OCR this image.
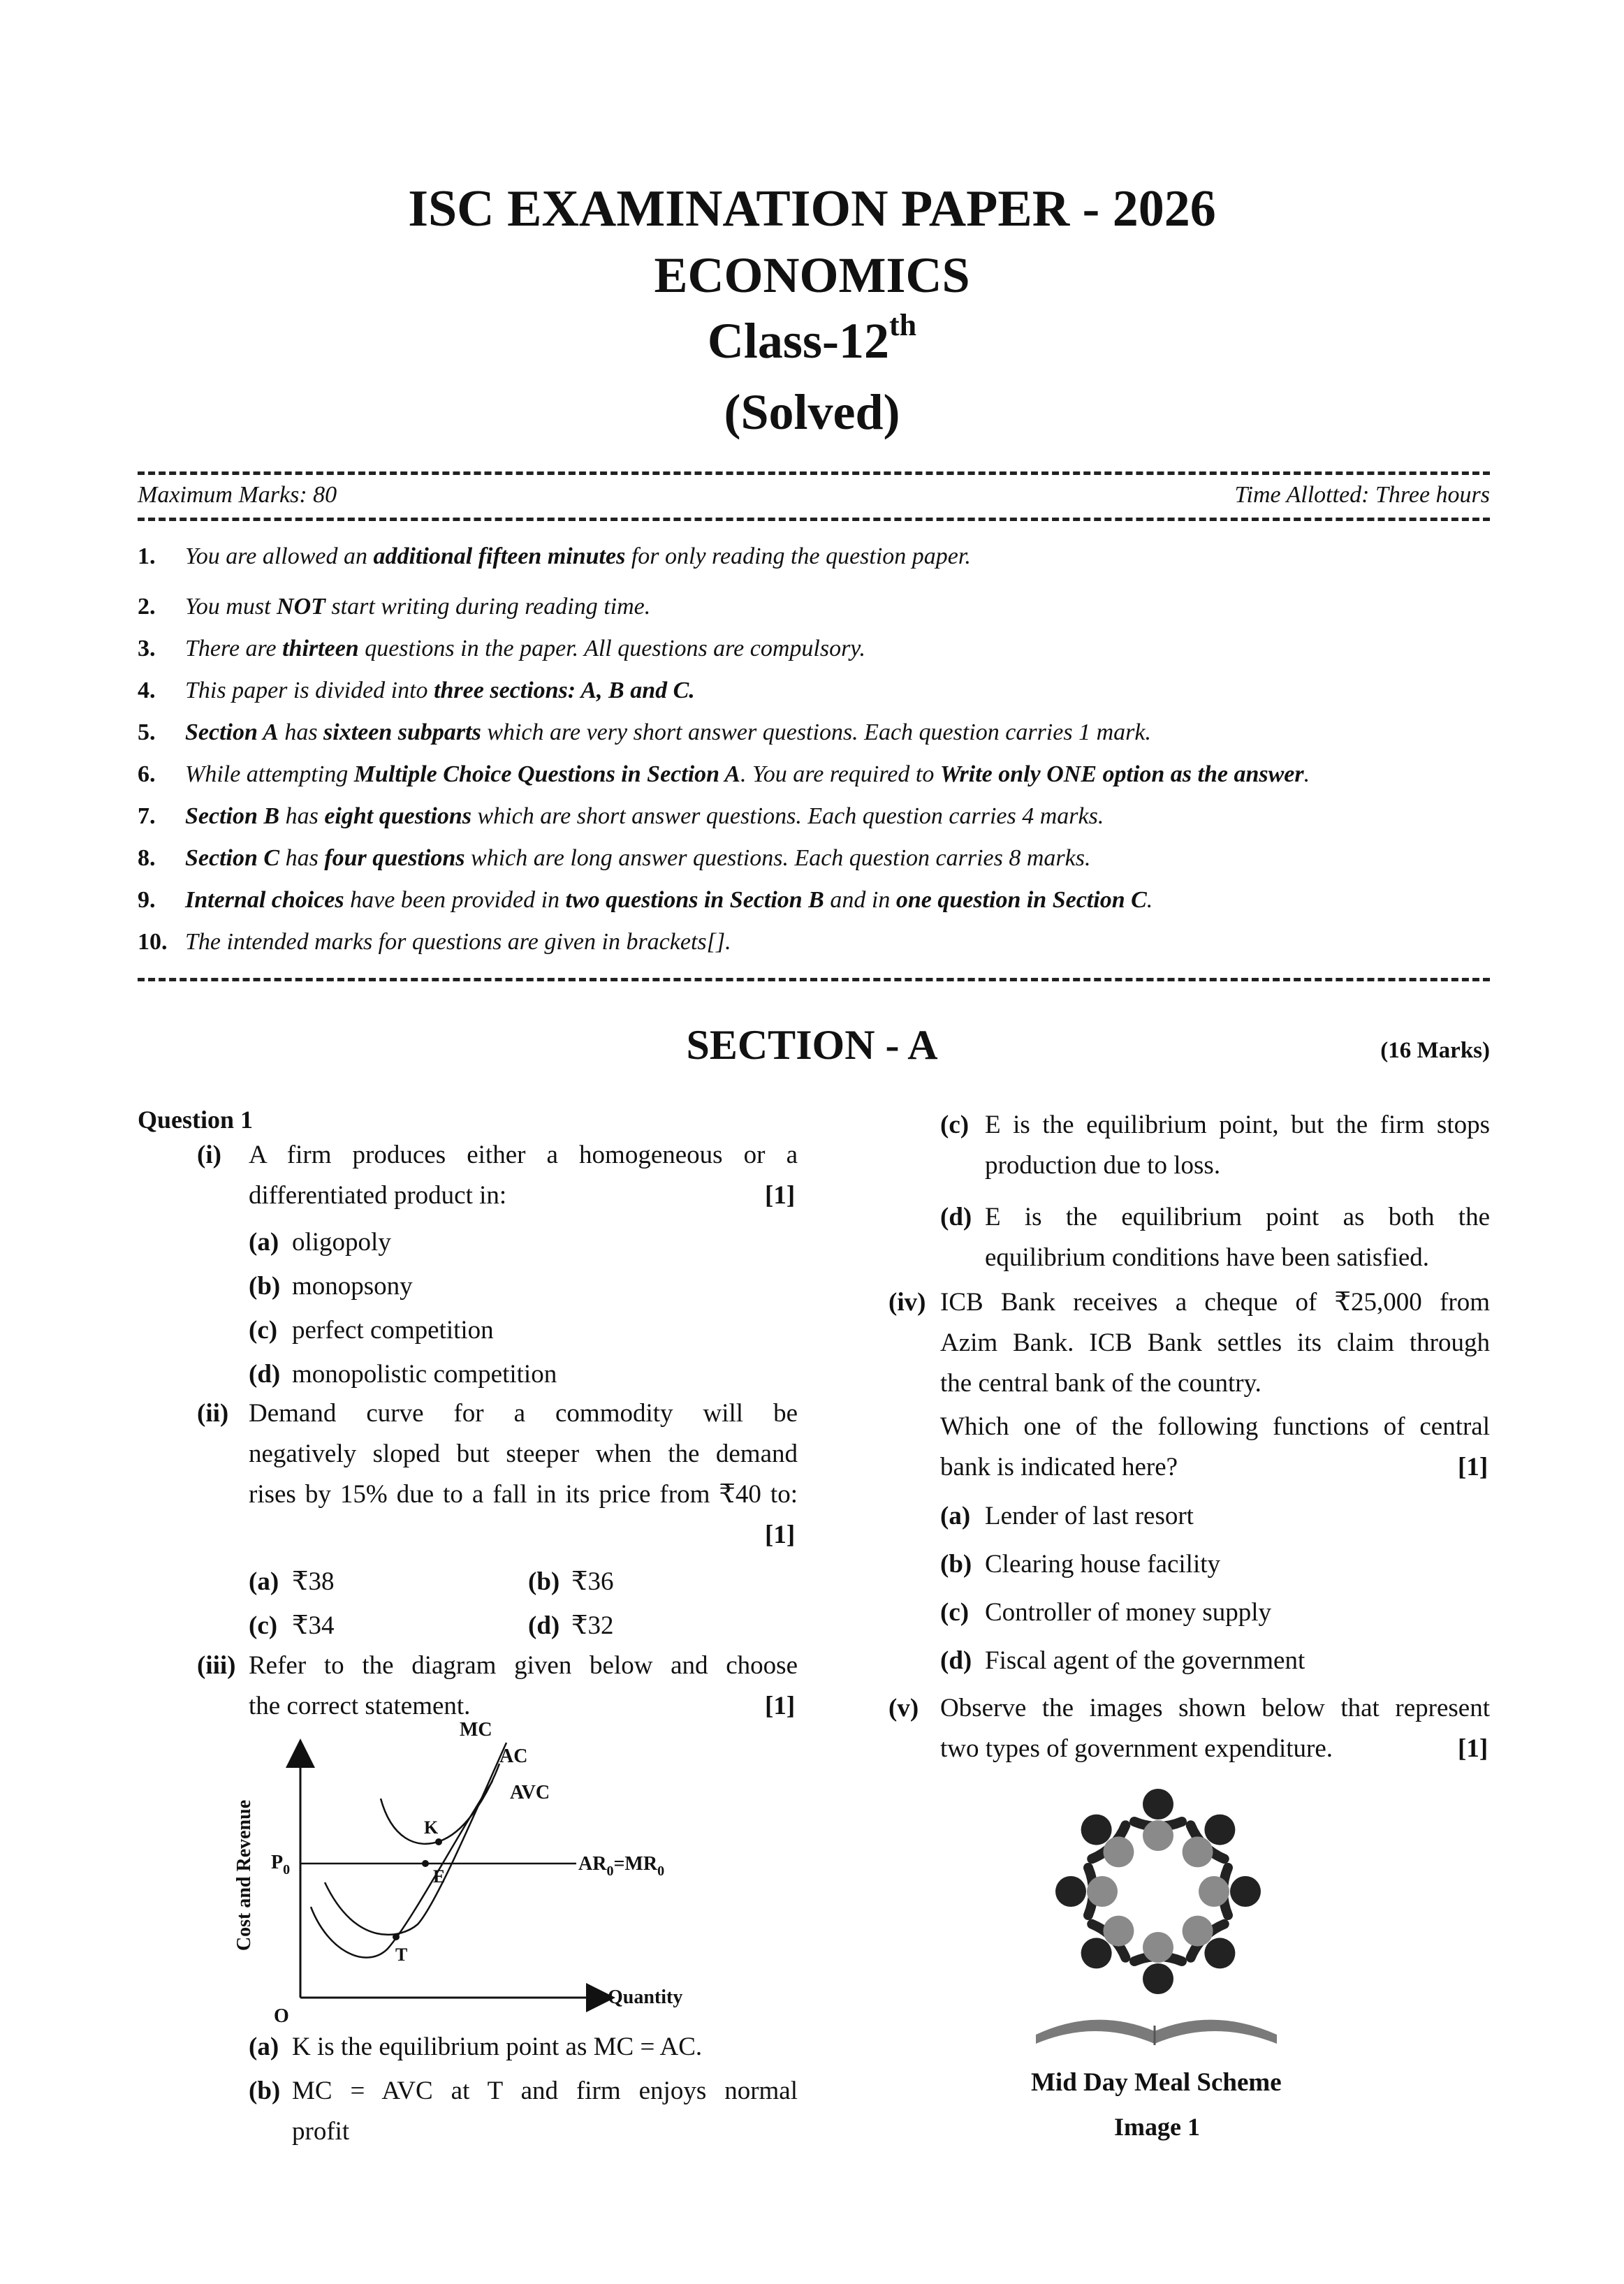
ISC EXAMINATION PAPER - 2026
ECONOMICS
Class-12th
(Solved)
Maximum Marks: 80	Time Allotted: Three hours
1. You are allowed an additional fifteen minutes for only reading the question paper.
2. You must NOT start writing during reading time.
3. There are thirteen questions in the paper. All questions are compulsory.
4. This paper is divided into three sections: A, B and C.
5. Section A has sixteen subparts which are very short answer questions. Each question carries 1 mark.
6. While attempting Multiple Choice Questions in Section A. You are required to Write only ONE option as the answer.
7. Section B has eight questions which are short answer questions. Each question carries 4 marks.
8. Section C has four questions which are long answer questions. Each question carries 8 marks.
9. Internal choices have been provided in two questions in Section B and in one question in Section C.
10. The intended marks for questions are given in brackets[].
SECTION - A	(16 Marks)
Question 1
(i) A firm produces either a homogeneous or a
differentiated product in:	[1]
(a) oligopoly
(b) monopsony
(c) perfect competition
(d) monopolistic competition
(ii) Demand curve for a commodity will be
negatively sloped but steeper when the demand
rises by 15% due to a fall in its price from ₹40 to:
[1]
(a) ₹38	(b) ₹36
(c) ₹34	(d) ₹32
(iii) Refer to the diagram given below and choose
the correct statement.	[1]
Cost and Revenue
Quantity
O
$P_0$
MC
AC
AVC
K
E
T
$AR_0=MR_0$
(a) K is the equilibrium point as MC = AC.
(b) MC = AVC at T and firm enjoys normal
profit
(c) E is the equilibrium point, but the firm stops
production due to loss.
(d) E is the equilibrium point as both the
equilibrium conditions have been satisfied.
(iv) ICB Bank receives a cheque of ₹25,000 from
Azim Bank. ICB Bank settles its claim through
the central bank of the country.
Which one of the following functions of central
bank is indicated here?	[1]
(a) Lender of last resort
(b) Clearing house facility
(c) Controller of money supply
(d) Fiscal agent of the government
(v) Observe the images shown below that represent
two types of government expenditure.	[1]
Mid Day Meal Scheme
Image 1
